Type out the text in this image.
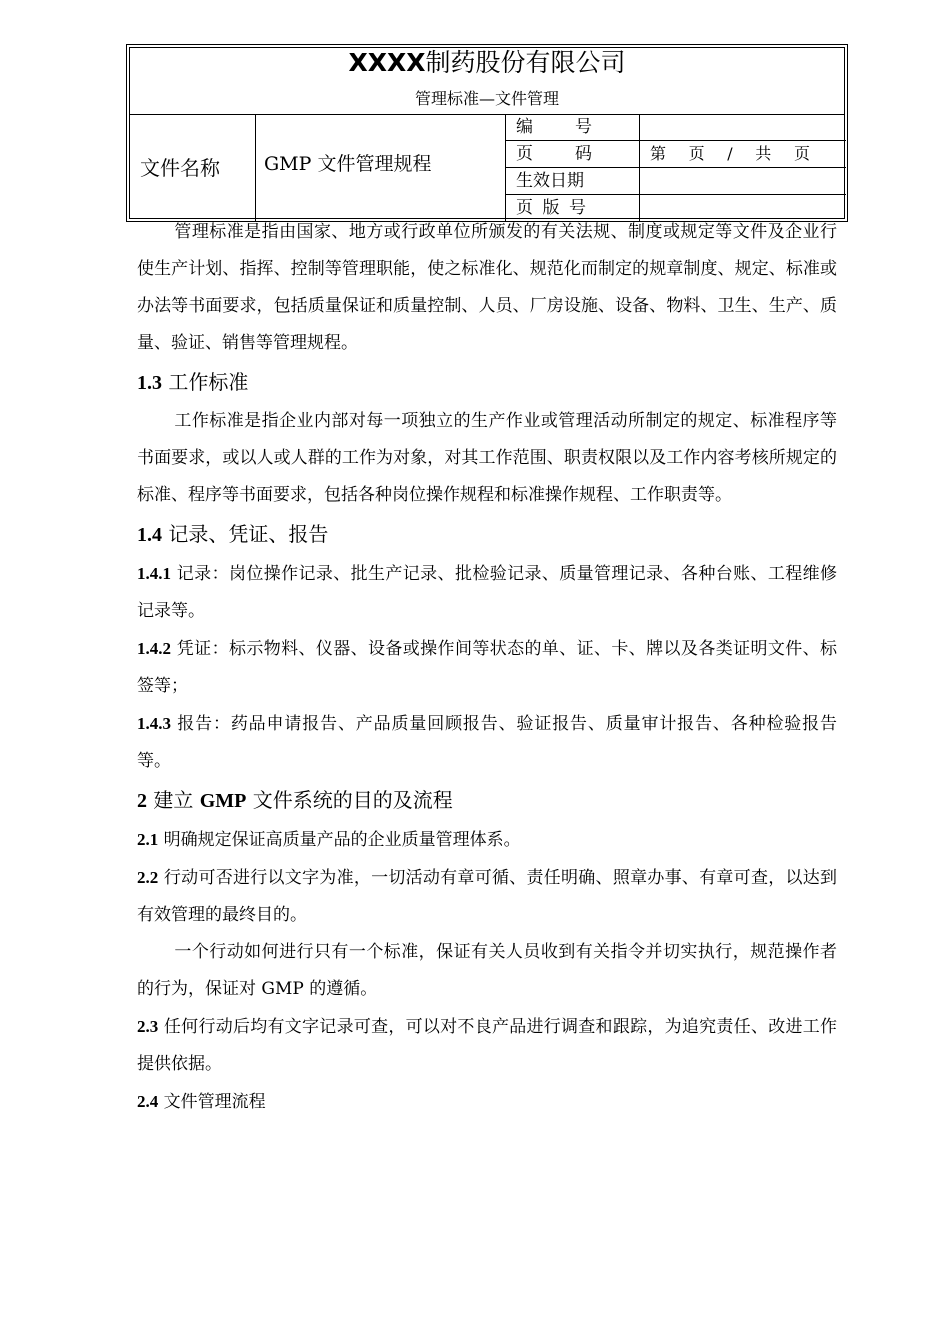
XXXX制药股份有限公司
管理标准—文件管理
文件名称	GMP 文件管理规程
编 号
页 码	第 页 / 共 页
生效日期
页 版 号

管理标准是指由国家、地方或行政单位所颁发的有关法规、制度或规定等文件及企业行使生产计划、指挥、控制等管理职能，使之标准化、规范化而制定的规章制度、规定、标准或办法等书面要求，包括质量保证和质量控制、人员、厂房设施、设备、物料、卫生、生产、质量、验证、销售等管理规程。

1.3 工作标准

工作标准是指企业内部对每一项独立的生产作业或管理活动所制定的规定、标准程序等书面要求，或以人或人群的工作为对象，对其工作范围、职责权限以及工作内容考核所规定的标准、程序等书面要求，包括各种岗位操作规程和标准操作规程、工作职责等。

1.4 记录、凭证、报告

1.4.1 记录：岗位操作记录、批生产记录、批检验记录、质量管理记录、各种台账、工程维修记录等。

1.4.2 凭证：标示物料、仪器、设备或操作间等状态的单、证、卡、牌以及各类证明文件、标签等；

1.4.3 报告：药品申请报告、产品质量回顾报告、验证报告、质量审计报告、各种检验报告等。

2 建立 GMP 文件系统的目的及流程

2.1 明确规定保证高质量产品的企业质量管理体系。

2.2 行动可否进行以文字为准，一切活动有章可循、责任明确、照章办事、有章可查，以达到有效管理的最终目的。

一个行动如何进行只有一个标准，保证有关人员收到有关指令并切实执行，规范操作者的行为，保证对 GMP 的遵循。

2.3 任何行动后均有文字记录可查，可以对不良产品进行调查和跟踪，为追究责任、改进工作提供依据。

2.4 文件管理流程
